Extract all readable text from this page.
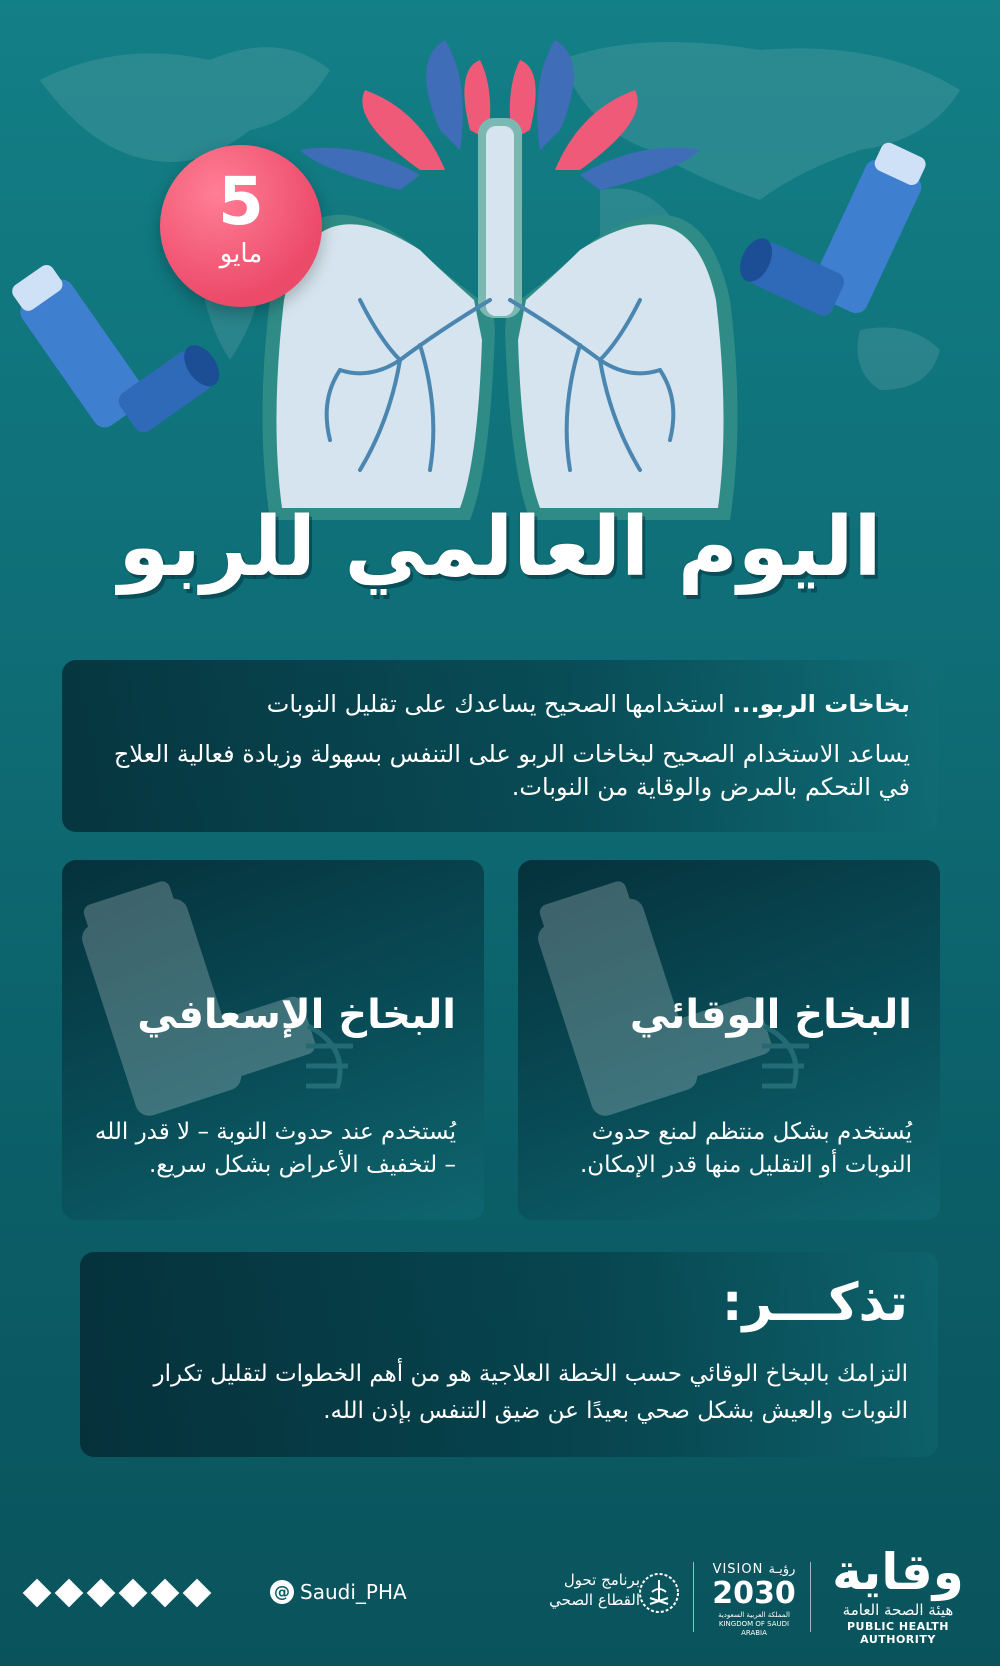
5
مايو
اليوم العالمي للربو
بخاخات الربو... استخدامها الصحيح يساعدك على تقليل النوبات
يساعد الاستخدام الصحيح لبخاخات الربو على التنفس بسهولة وزيادة فعالية العلاج في التحكم بالمرض والوقاية من النوبات.
البخاخ الوقائي
يُستخدم بشكل منتظم لمنع حدوث النوبات أو التقليل منها قدر الإمكان.
البخاخ الإسعافي
يُستخدم عند حدوث النوبة – لا قدر الله – لتخفيف الأعراض بشكل سريع.
تذكـــر:
التزامك بالبخاخ الوقائي حسب الخطة العلاجية هو من أهم الخطوات لتقليل تكرار النوبات والعيش بشكل صحي بعيدًا عن ضيق التنفس بإذن الله.
@ Saudi_PHA	برنامج تحول
القطاع الصحي
VISION رؤيـة
2030
المملكة العربية السعودية
KINGDOM OF SAUDI ARABIA
وقاية
هيئة الصحة العامة
PUBLIC HEALTH AUTHORITY
